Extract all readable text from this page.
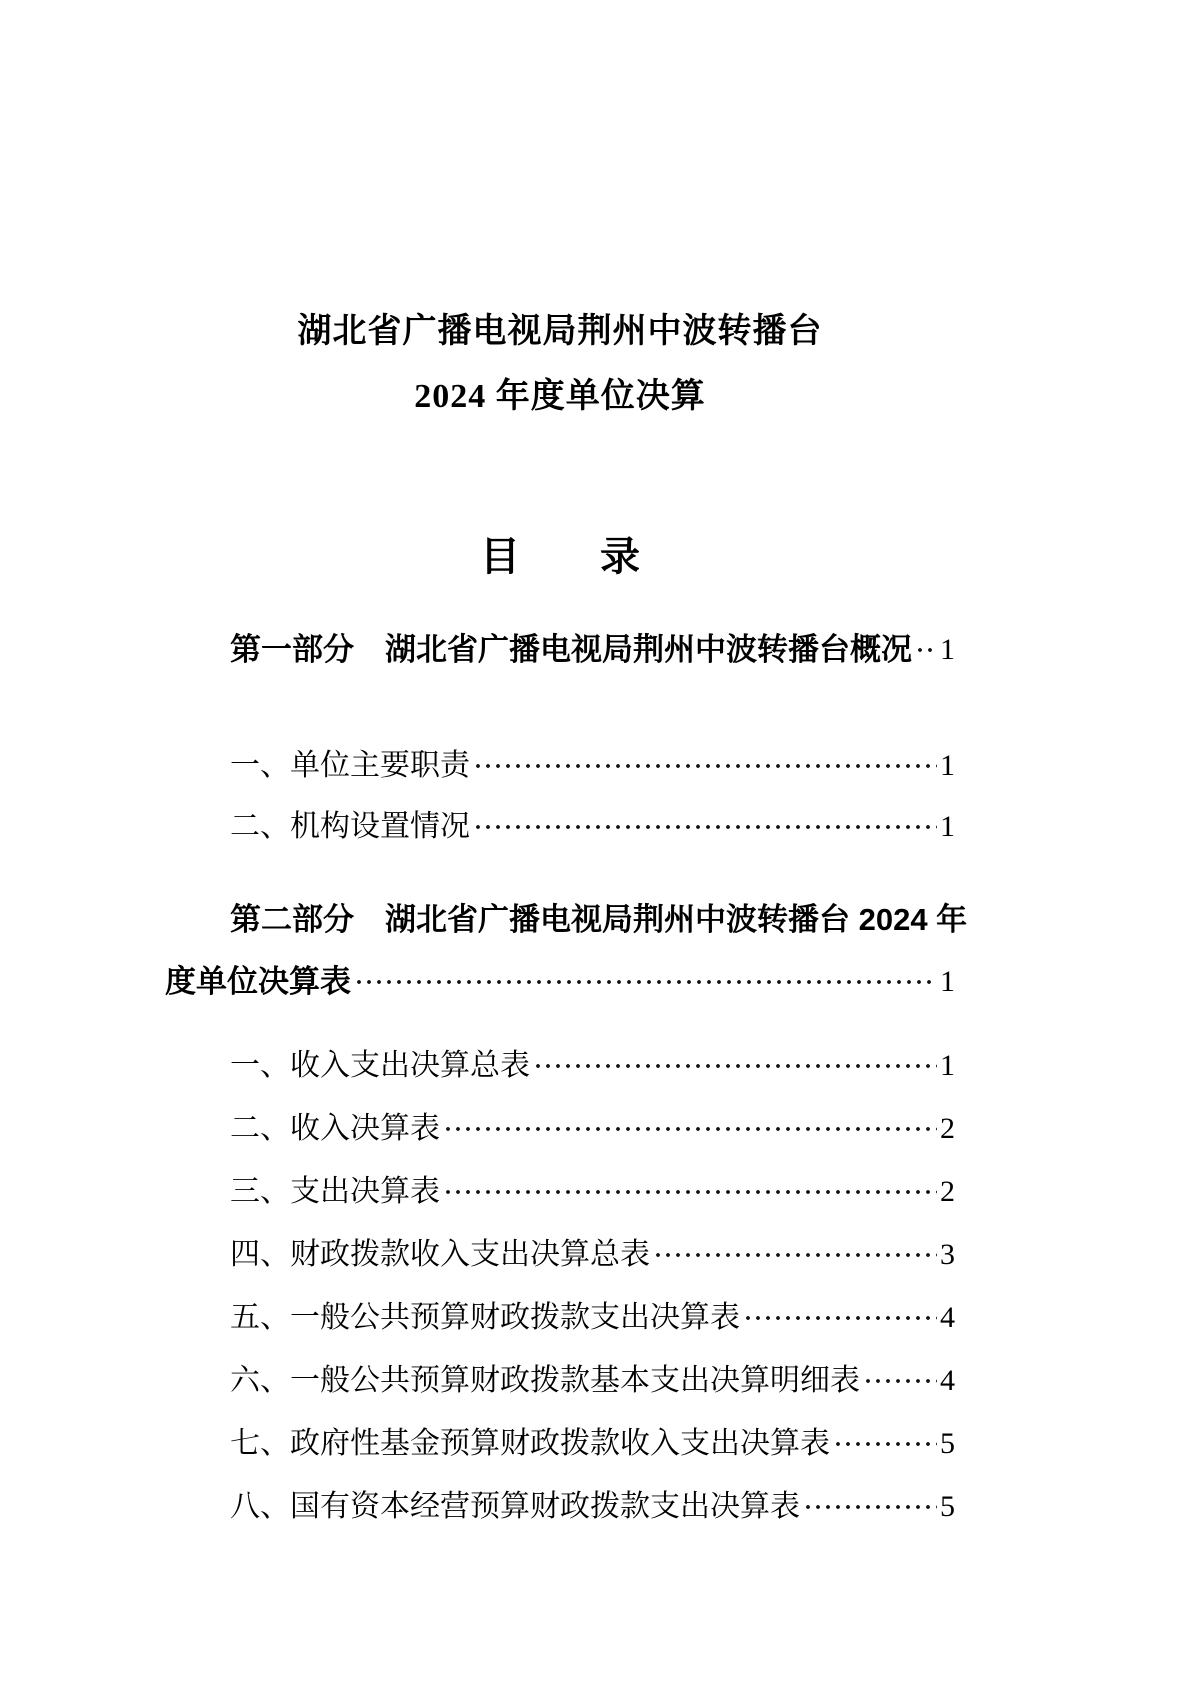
湖北省广播电视局荆州中波转播台
2024 年度单位决算
目　　录
第一部分　湖北省广播电视局荆州中波转播台概况 1
一、单位主要职责	1
二、机构设置情况	1
第二部分　湖北省广播电视局荆州中波转播台 2024 年
度单位决算表	1
一、收入支出决算总表	1
二、收入决算表	2
三、支出决算表	2
四、财政拨款收入支出决算总表	3
五、一般公共预算财政拨款支出决算表	4
六、一般公共预算财政拨款基本支出决算明细表	4
七、政府性基金预算财政拨款收入支出决算表	5
八、国有资本经营预算财政拨款支出决算表	5
